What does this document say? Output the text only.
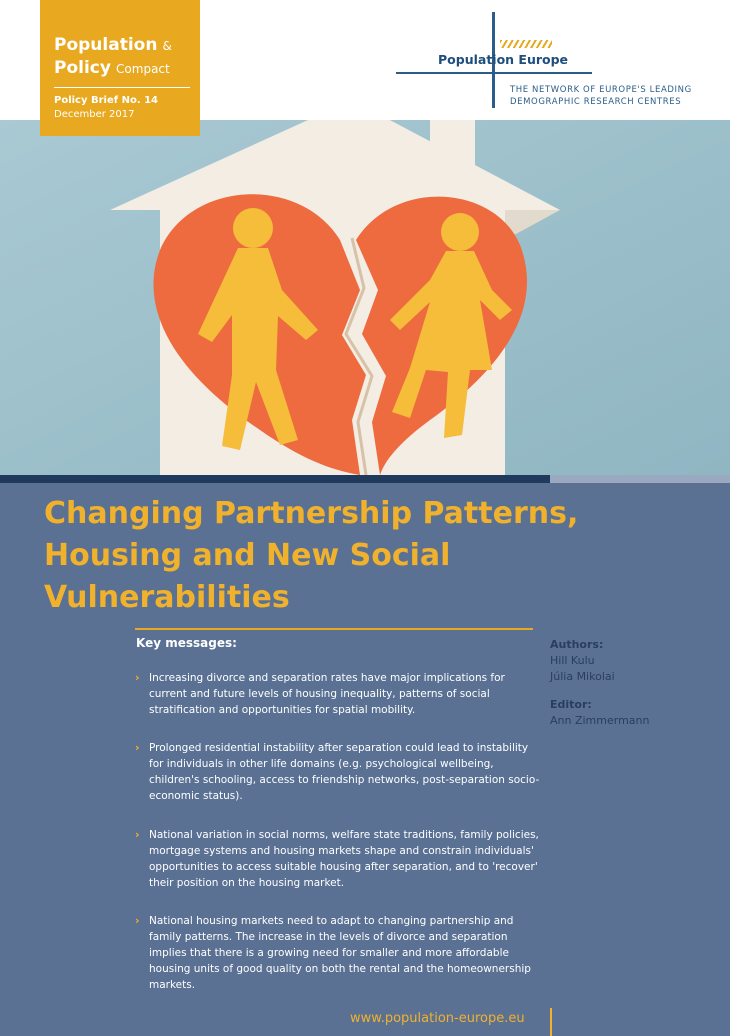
Population &
Policy Compact
Policy Brief No. 14
December 2017
Population Europe
THE NETWORK OF EUROPE'S LEADING
DEMOGRAPHIC RESEARCH CENTRES
Changing Partnership Patterns,
Housing and New Social
Vulnerabilities
Key messages:

› Increasing divorce and separation rates have major implications for current and future levels of housing inequality, patterns of social stratification and opportunities for spatial mobility.

› Prolonged residential instability after separation could lead to instability for individuals in other life domains (e.g. psychological wellbeing, children's schooling, access to friendship networks, post-separation socio-economic status).

› National variation in social norms, welfare state traditions, family policies, mortgage systems and housing markets shape and constrain individuals' opportunities to access suitable housing after separation, and to 'recover' their position on the housing market.

› National housing markets need to adapt to changing partnership and family patterns. The increase in the levels of divorce and separation implies that there is a growing need for smaller and more affordable housing units of good quality on both the rental and the homeownership markets.

Authors:
Hill Kulu
Júlia Mikolai
Editor:
Ann Zimmermann
www.population-europe.eu
